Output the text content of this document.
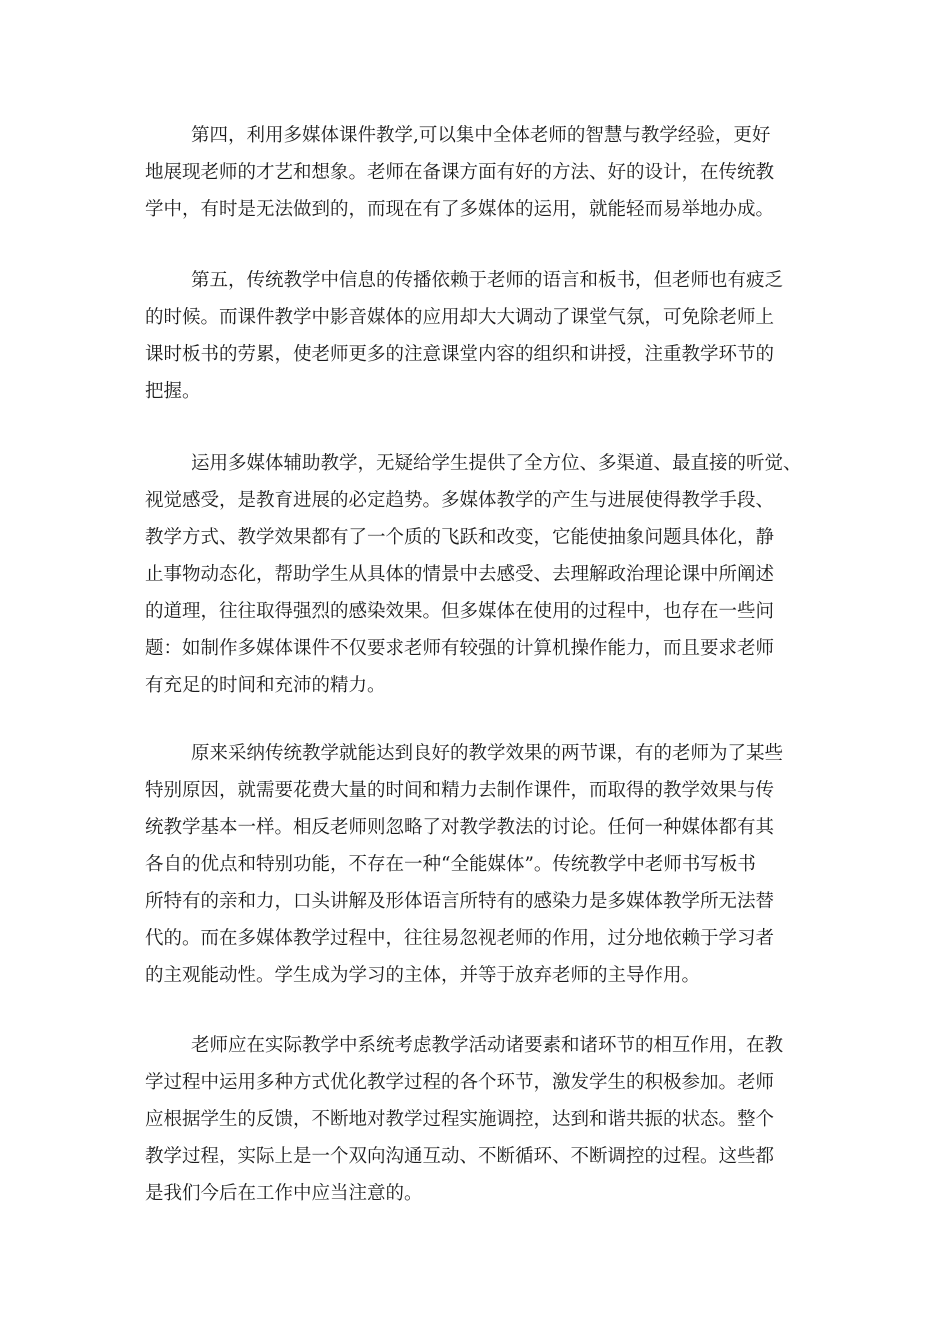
第四，利用多媒体课件教学,可以集中全体老师的智慧与教学经验，更好
地展现老师的才艺和想象。老师在备课方面有好的方法、好的设计，在传统教
学中，有时是无法做到的，而现在有了多媒体的运用，就能轻而易举地办成。
第五，传统教学中信息的传播依赖于老师的语言和板书，但老师也有疲乏
的时候。而课件教学中影音媒体的应用却大大调动了课堂气氛，可免除老师上
课时板书的劳累，使老师更多的注意课堂内容的组织和讲授，注重教学环节的
把握。
运用多媒体辅助教学，无疑给学生提供了全方位、多渠道、最直接的听觉、
视觉感受，是教育进展的必定趋势。多媒体教学的产生与进展使得教学手段、
教学方式、教学效果都有了一个质的飞跃和改变，它能使抽象问题具体化，静
止事物动态化，帮助学生从具体的情景中去感受、去理解政治理论课中所阐述
的道理，往往取得强烈的感染效果。但多媒体在使用的过程中，也存在一些问
题：如制作多媒体课件不仅要求老师有较强的计算机操作能力，而且要求老师
有充足的时间和充沛的精力。
原来采纳传统教学就能达到良好的教学效果的两节课，有的老师为了某些
特别原因，就需要花费大量的时间和精力去制作课件，而取得的教学效果与传
统教学基本一样。相反老师则忽略了对教学教法的讨论。任何一种媒体都有其
各自的优点和特别功能，不存在一种“全能媒体”。传统教学中老师书写板书
所特有的亲和力，口头讲解及形体语言所特有的感染力是多媒体教学所无法替
代的。而在多媒体教学过程中，往往易忽视老师的作用，过分地依赖于学习者
的主观能动性。学生成为学习的主体，并等于放弃老师的主导作用。
老师应在实际教学中系统考虑教学活动诸要素和诸环节的相互作用，在教
学过程中运用多种方式优化教学过程的各个环节，激发学生的积极参加。老师
应根据学生的反馈，不断地对教学过程实施调控，达到和谐共振的状态。整个
教学过程，实际上是一个双向沟通互动、不断循环、不断调控的过程。这些都
是我们今后在工作中应当注意的。
